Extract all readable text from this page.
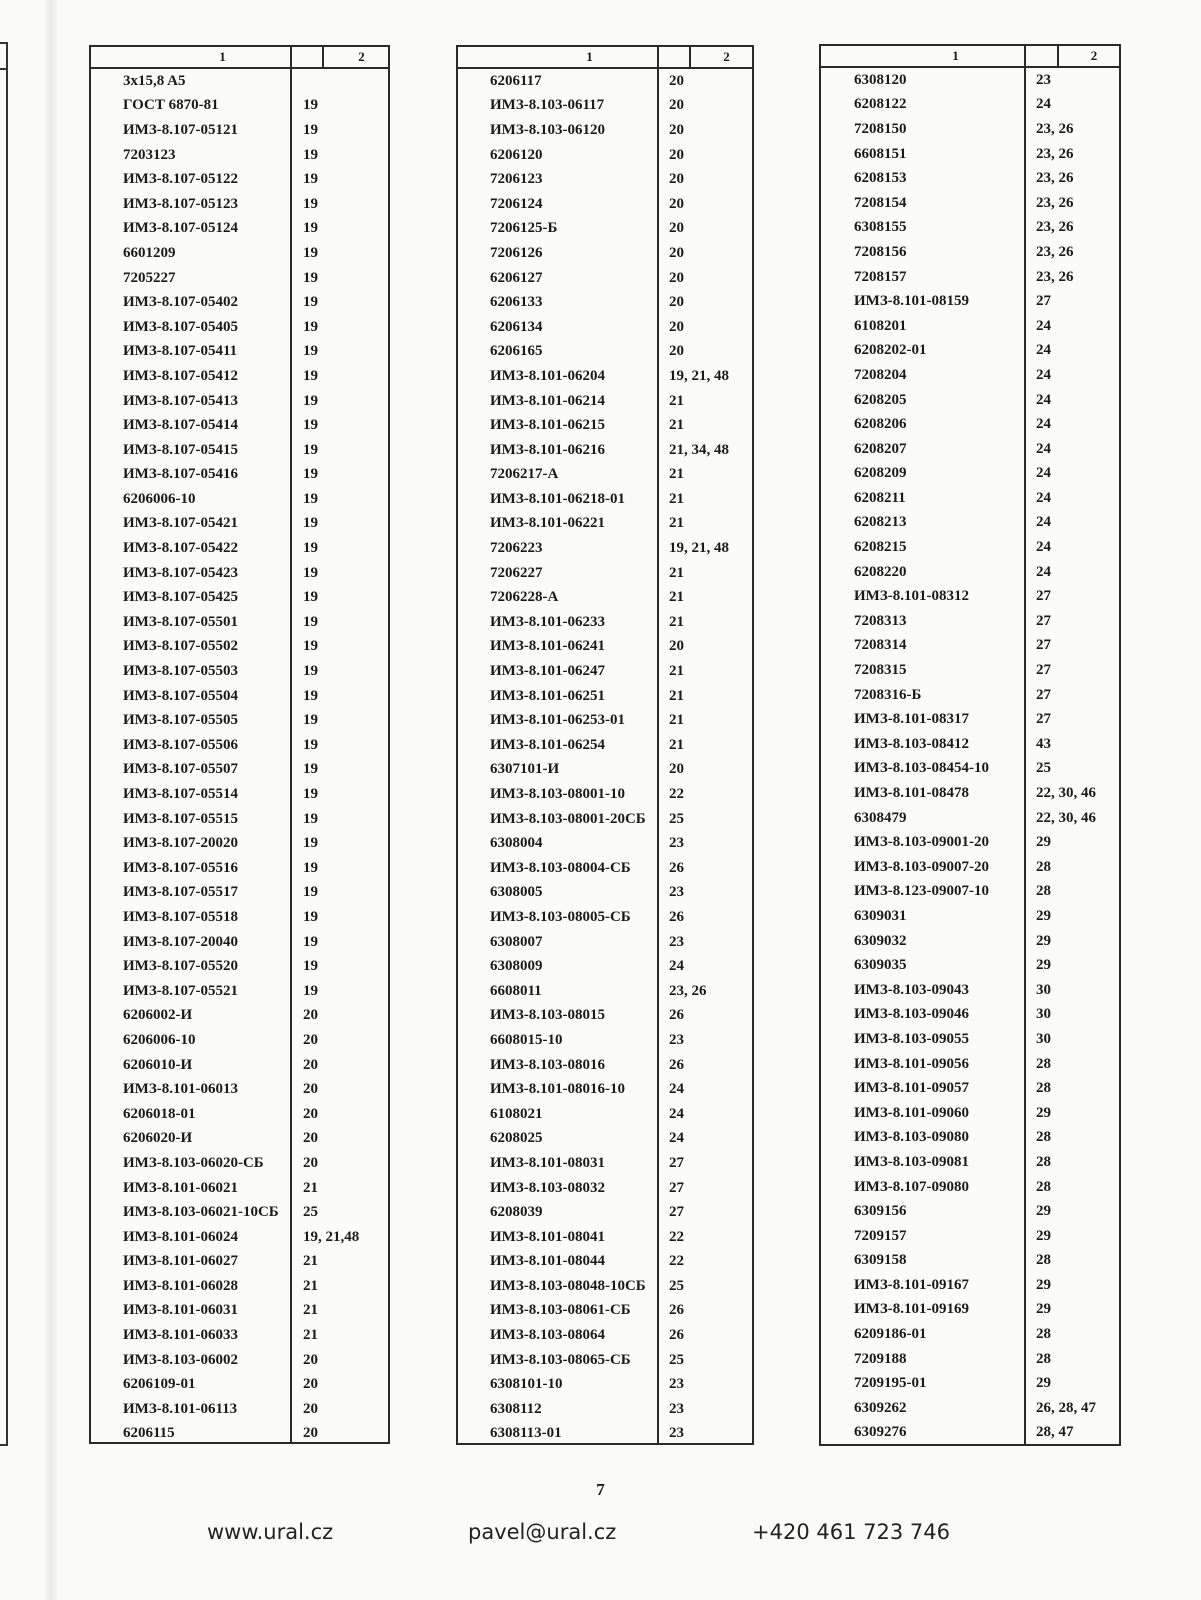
1	2
3x15,8 A5
ГОСТ 6870-81	19
ИМЗ-8.107-05121	19
7203123	19
ИМЗ-8.107-05122	19
ИМЗ-8.107-05123	19
ИМЗ-8.107-05124	19
6601209	19
7205227	19
ИМЗ-8.107-05402	19
ИМЗ-8.107-05405	19
ИМЗ-8.107-05411	19
ИМЗ-8.107-05412	19
ИМЗ-8.107-05413	19
ИМЗ-8.107-05414	19
ИМЗ-8.107-05415	19
ИМЗ-8.107-05416	19
6206006-10	19
ИМЗ-8.107-05421	19
ИМЗ-8.107-05422	19
ИМЗ-8.107-05423	19
ИМЗ-8.107-05425	19
ИМЗ-8.107-05501	19
ИМЗ-8.107-05502	19
ИМЗ-8.107-05503	19
ИМЗ-8.107-05504	19
ИМЗ-8.107-05505	19
ИМЗ-8.107-05506	19
ИМЗ-8.107-05507	19
ИМЗ-8.107-05514	19
ИМЗ-8.107-05515	19
ИМЗ-8.107-20020	19
ИМЗ-8.107-05516	19
ИМЗ-8.107-05517	19
ИМЗ-8.107-05518	19
ИМЗ-8.107-20040	19
ИМЗ-8.107-05520	19
ИМЗ-8.107-05521	19
6206002-И	20
6206006-10	20
6206010-И	20
ИМЗ-8.101-06013	20
6206018-01	20
6206020-И	20
ИМЗ-8.103-06020-СБ	20
ИМЗ-8.101-06021	21
ИМЗ-8.103-06021-10СБ	25
ИМЗ-8.101-06024	19, 21,48
ИМЗ-8.101-06027	21
ИМЗ-8.101-06028	21
ИМЗ-8.101-06031	21
ИМЗ-8.101-06033	21
ИМЗ-8.103-06002	20
6206109-01	20
ИМЗ-8.101-06113	20
6206115	20
1	2
6206117	20
ИМЗ-8.103-06117	20
ИМЗ-8.103-06120	20
6206120	20
7206123	20
7206124	20
7206125-Б	20
7206126	20
6206127	20
6206133	20
6206134	20
6206165	20
ИМЗ-8.101-06204	19, 21, 48
ИМЗ-8.101-06214	21
ИМЗ-8.101-06215	21
ИМЗ-8.101-06216	21, 34, 48
7206217-А	21
ИМЗ-8.101-06218-01	21
ИМЗ-8.101-06221	21
7206223	19, 21, 48
7206227	21
7206228-А	21
ИМЗ-8.101-06233	21
ИМЗ-8.101-06241	20
ИМЗ-8.101-06247	21
ИМЗ-8.101-06251	21
ИМЗ-8.101-06253-01	21
ИМЗ-8.101-06254	21
6307101-И	20
ИМЗ-8.103-08001-10	22
ИМЗ-8.103-08001-20СБ	25
6308004	23
ИМЗ-8.103-08004-СБ	26
6308005	23
ИМЗ-8.103-08005-СБ	26
6308007	23
6308009	24
6608011	23, 26
ИМЗ-8.103-08015	26
6608015-10	23
ИМЗ-8.103-08016	26
ИМЗ-8.101-08016-10	24
6108021	24
6208025	24
ИМЗ-8.101-08031	27
ИМЗ-8.103-08032	27
6208039	27
ИМЗ-8.101-08041	22
ИМЗ-8.101-08044	22
ИМЗ-8.103-08048-10СБ	25
ИМЗ-8.103-08061-СБ	26
ИМЗ-8.103-08064	26
ИМЗ-8.103-08065-СБ	25
6308101-10	23
6308112	23
6308113-01	23
1	2
6308120	23
6208122	24
7208150	23, 26
6608151	23, 26
6208153	23, 26
7208154	23, 26
6308155	23, 26
7208156	23, 26
7208157	23, 26
ИМЗ-8.101-08159	27
6108201	24
6208202-01	24
7208204	24
6208205	24
6208206	24
6208207	24
6208209	24
6208211	24
6208213	24
6208215	24
6208220	24
ИМЗ-8.101-08312	27
7208313	27
7208314	27
7208315	27
7208316-Б	27
ИМЗ-8.101-08317	27
ИМЗ-8.103-08412	43
ИМЗ-8.103-08454-10	25
ИМЗ-8.101-08478	22, 30, 46
6308479	22, 30, 46
ИМЗ-8.103-09001-20	29
ИМЗ-8.103-09007-20	28
ИМЗ-8.123-09007-10	28
6309031	29
6309032	29
6309035	29
ИМЗ-8.103-09043	30
ИМЗ-8.103-09046	30
ИМЗ-8.103-09055	30
ИМЗ-8.101-09056	28
ИМЗ-8.101-09057	28
ИМЗ-8.101-09060	29
ИМЗ-8.103-09080	28
ИМЗ-8.103-09081	28
ИМЗ-8.107-09080	28
6309156	29
7209157	29
6309158	28
ИМЗ-8.101-09167	29
ИМЗ-8.101-09169	29
6209186-01	28
7209188	28
7209195-01	29
6309262	26, 28, 47
6309276	28, 47
7
www.ural.cz	pavel@ural.cz	+420 461 723 746
